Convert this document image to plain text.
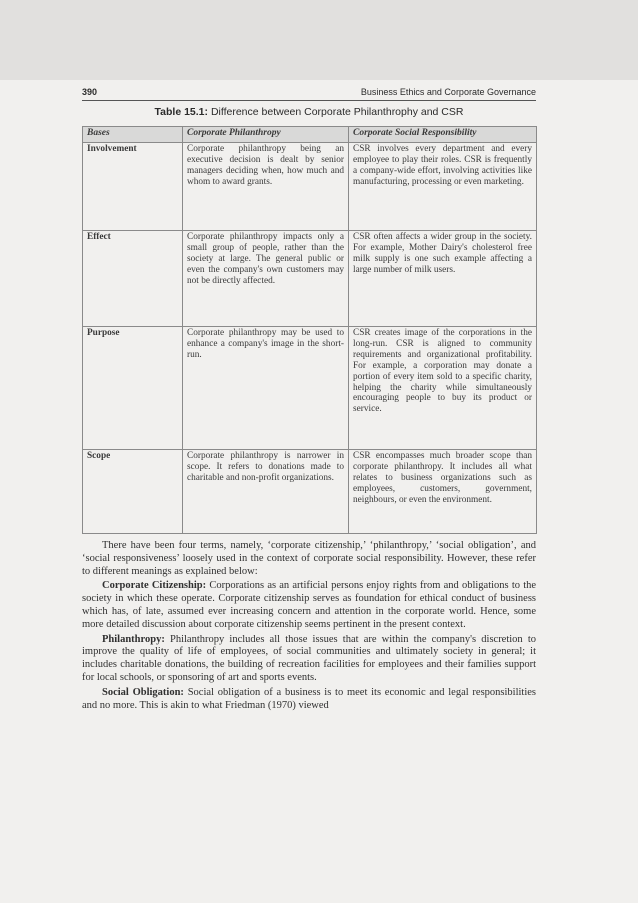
390	Business Ethics and Corporate Governance
Table 15.1: Difference between Corporate Philanthrophy and CSR
Bases	Corporate Philanthropy	Corporate Social Responsibility
Involvement	Corporate philanthropy being an executive decision is dealt by senior managers deciding when, how much and whom to award grants.	CSR involves every department and every employee to play their roles. CSR is frequently a company-wide effort, involving activities like manufacturing, processing or even marketing.
Effect	Corporate philanthropy impacts only a small group of people, rather than the society at large. The general public or even the company's own customers may not be directly affected.	CSR often affects a wider group in the society. For example, Mother Dairy's cholesterol free milk supply is one such example affecting a large number of milk users.
Purpose	Corporate philanthropy may be used to enhance a company's image in the short-run.	CSR creates image of the corporations in the long-run. CSR is aligned to community requirements and organizational profitability. For example, a corporation may donate a portion of every item sold to a specific charity, helping the charity while simultaneously encouraging people to buy its product or service.
Scope	Corporate philanthropy is narrower in scope. It refers to donations made to charitable and non-profit organizations.	CSR encompasses much broader scope than corporate philanthropy. It includes all what relates to business organizations such as employees, customers, government, neighbours, or even the environment.

There have been four terms, namely, ‘corporate citizenship,’ ‘philanthropy,’ ‘social obligation’, and ‘social responsiveness’ loosely used in the context of corporate social responsibility. However, these refer to different meanings as explained below:

Corporate Citizenship: Corporations as an artificial persons enjoy rights from and obligations to the society in which these operate. Corporate citizenship serves as foundation for ethical conduct of business which has, of late, assumed ever increasing concern and attention in the corporate world. Hence, some more detailed discussion about corporate citizenship seems pertinent in the present context.

Philanthropy: Philanthropy includes all those issues that are within the company's discretion to improve the quality of life of employees, of social communities and ultimately society in general; it includes charitable donations, the building of recreation facilities for employees and their families support for local schools, or sponsoring of art and sports events.

Social Obligation: Social obligation of a business is to meet its economic and legal responsibilities and no more. This is akin to what Friedman (1970) viewed
